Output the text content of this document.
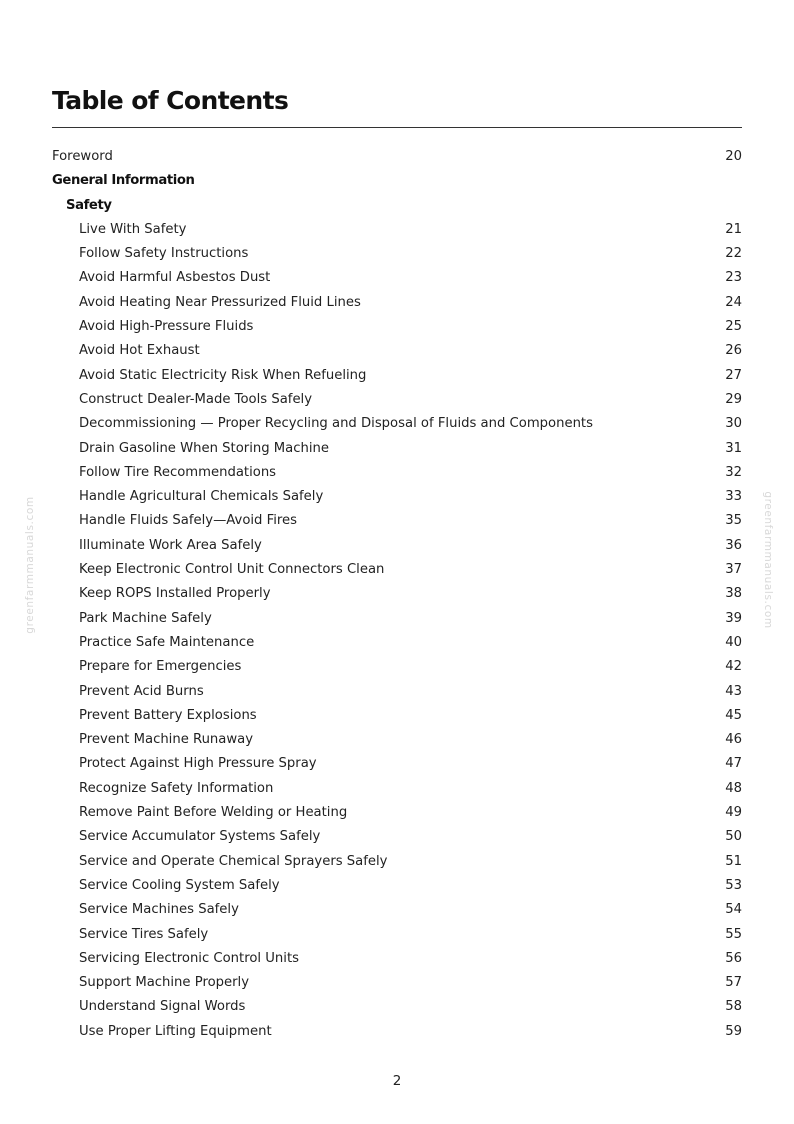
Table of Contents
Foreword	20
General Information
Safety
Live With Safety	21
Follow Safety Instructions	22
Avoid Harmful Asbestos Dust	23
Avoid Heating Near Pressurized Fluid Lines	24
Avoid High-Pressure Fluids	25
Avoid Hot Exhaust	26
Avoid Static Electricity Risk When Refueling	27
Construct Dealer-Made Tools Safely	29
Decommissioning — Proper Recycling and Disposal of Fluids and Components	30
Drain Gasoline When Storing Machine	31
Follow Tire Recommendations	32
Handle Agricultural Chemicals Safely	33
Handle Fluids Safely—Avoid Fires	35
Illuminate Work Area Safely	36
Keep Electronic Control Unit Connectors Clean	37
Keep ROPS Installed Properly	38
Park Machine Safely	39
Practice Safe Maintenance	40
Prepare for Emergencies	42
Prevent Acid Burns	43
Prevent Battery Explosions	45
Prevent Machine Runaway	46
Protect Against High Pressure Spray	47
Recognize Safety Information	48
Remove Paint Before Welding or Heating	49
Service Accumulator Systems Safely	50
Service and Operate Chemical Sprayers Safely	51
Service Cooling System Safely	53
Service Machines Safely	54
Service Tires Safely	55
Servicing Electronic Control Units	56
Support Machine Properly	57
Understand Signal Words	58
Use Proper Lifting Equipment	59
greenfarmmanuals.com	greenfarmmanuals.com
2
